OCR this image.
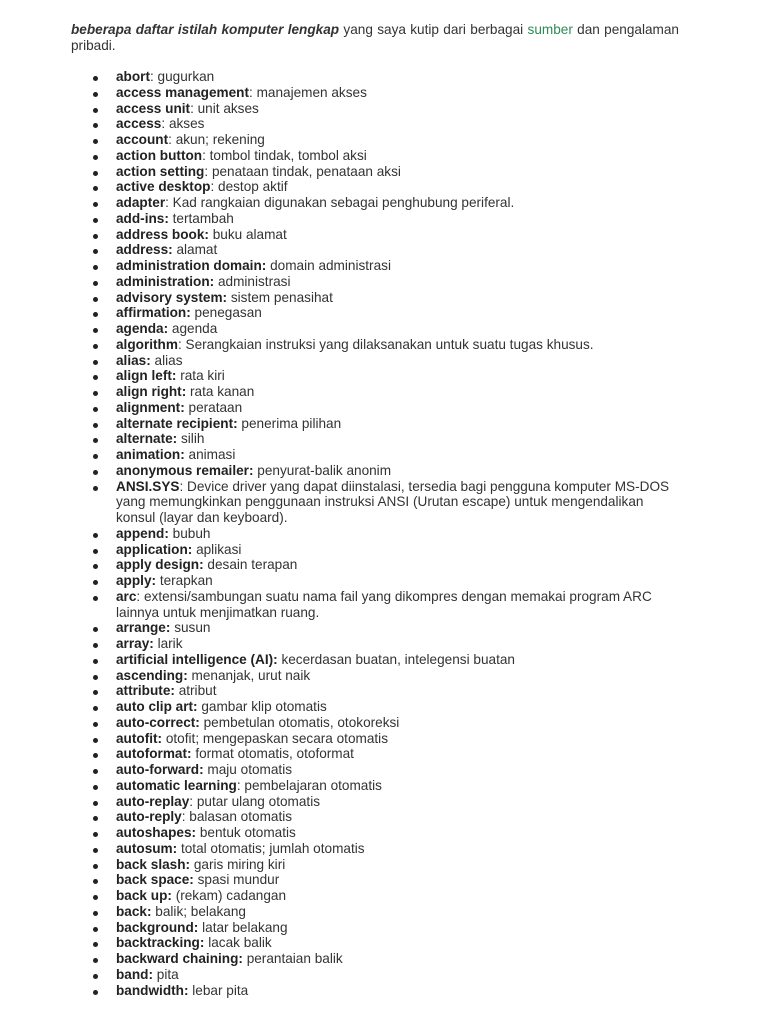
beberapa daftar istilah komputer lengkap yang saya kutip dari berbagai sumber dan pengalaman pribadi.

abort: gugurkan
access management: manajemen akses
access unit: unit akses
access: akses
account: akun; rekening
action button: tombol tindak, tombol aksi
action setting: penataan tindak, penataan aksi
active desktop: destop aktif
adapter: Kad rangkaian digunakan sebagai penghubung periferal.
add-ins: tertambah
address book: buku alamat
address: alamat
administration domain: domain administrasi
administration: administrasi
advisory system: sistem penasihat
affirmation: penegasan
agenda: agenda
algorithm: Serangkaian instruksi yang dilaksanakan untuk suatu tugas khusus.
alias: alias
align left: rata kiri
align right: rata kanan
alignment: perataan
alternate recipient: penerima pilihan
alternate: silih
animation: animasi
anonymous remailer: penyurat-balik anonim
ANSI.SYS: Device driver yang dapat diinstalasi, tersedia bagi pengguna komputer MS-DOS yang memungkinkan penggunaan instruksi ANSI (Urutan escape) untuk mengendalikan konsul (layar dan keyboard).
append: bubuh
application: aplikasi
apply design: desain terapan
apply: terapkan
arc: extensi/sambungan suatu nama fail yang dikompres dengan memakai program ARC lainnya untuk menjimatkan ruang.
arrange: susun
array: larik
artificial intelligence (AI): kecerdasan buatan, intelegensi buatan
ascending: menanjak, urut naik
attribute: atribut
auto clip art: gambar klip otomatis
auto-correct: pembetulan otomatis, otokoreksi
autofit: otofit; mengepaskan secara otomatis
autoformat: format otomatis, otoformat
auto-forward: maju otomatis
automatic learning: pembelajaran otomatis
auto-replay: putar ulang otomatis
auto-reply: balasan otomatis
autoshapes: bentuk otomatis
autosum: total otomatis; jumlah otomatis
back slash: garis miring kiri
back space: spasi mundur
back up: (rekam) cadangan
back: balik; belakang
background: latar belakang
backtracking: lacak balik
backward chaining: perantaian balik
band: pita
bandwidth: lebar pita
